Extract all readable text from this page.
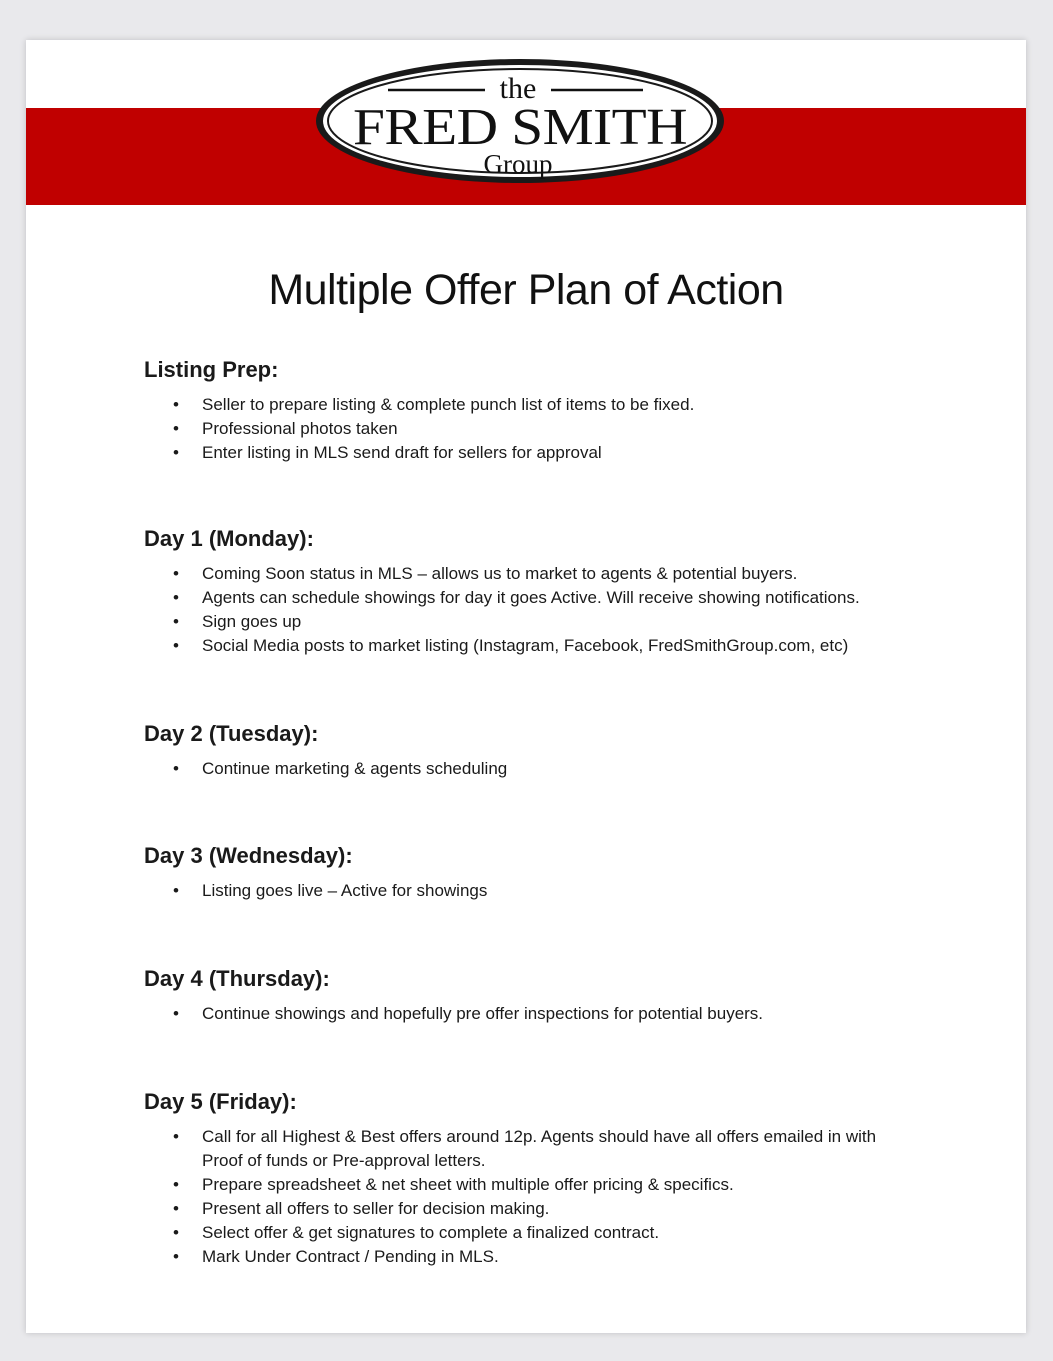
the
FRED SMITH
Group
Multiple Offer Plan of Action
Listing Prep:
• Seller to prepare listing & complete punch list of items to be fixed.
• Professional photos taken
• Enter listing in MLS send draft for sellers for approval
Day 1 (Monday):
• Coming Soon status in MLS – allows us to market to agents & potential buyers.
• Agents can schedule showings for day it goes Active. Will receive showing notifications.
• Sign goes up
• Social Media posts to market listing (Instagram, Facebook, FredSmithGroup.com, etc)
Day 2 (Tuesday):
• Continue marketing & agents scheduling
Day 3 (Wednesday):
• Listing goes live – Active for showings
Day 4 (Thursday):
• Continue showings and hopefully pre offer inspections for potential buyers.
Day 5 (Friday):
• Call for all Highest & Best offers around 12p. Agents should have all offers emailed in with Proof of funds or Pre-approval letters.
• Prepare spreadsheet & net sheet with multiple offer pricing & specifics.
• Present all offers to seller for decision making.
• Select offer & get signatures to complete a finalized contract.
• Mark Under Contract / Pending in MLS.
